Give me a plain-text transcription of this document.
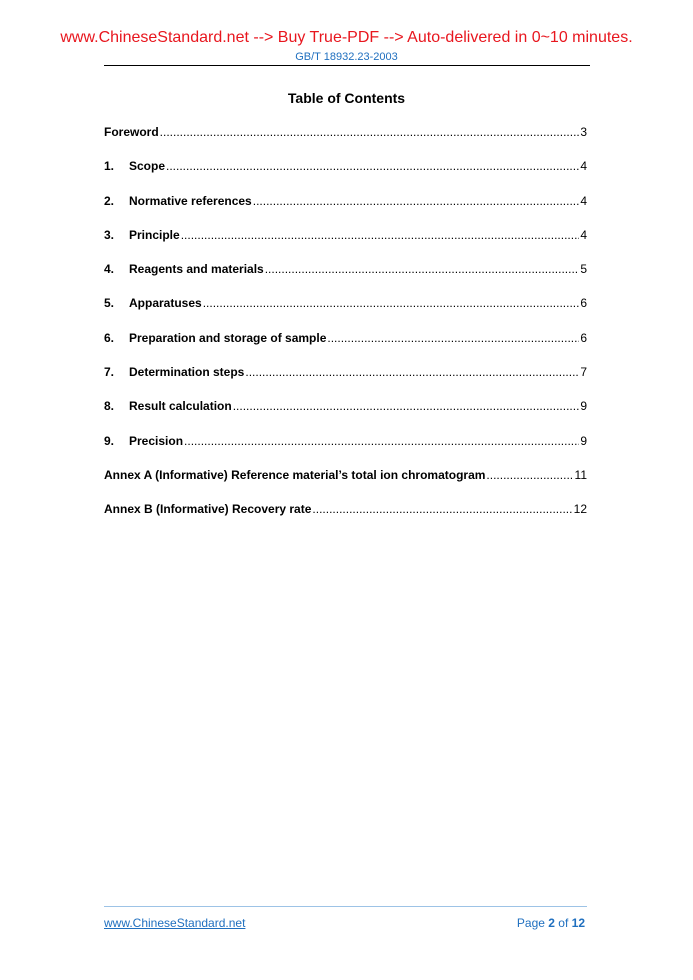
www.ChineseStandard.net --> Buy True-PDF --> Auto-delivered in 0~10 minutes.
GB/T 18932.23-2003
Table of Contents
Foreword .....	3
1.	Scope .....	4
2.	Normative references .....	4
3.	Principle .....	4
4.	Reagents and materials .....	5
5.	Apparatuses .....	6
6.	Preparation and storage of sample .....	6
7.	Determination steps .....	7
8.	Result calculation .....	9
9.	Precision .....	9
Annex A (Informative) Reference material’s total ion chromatogram .....	11
Annex B (Informative) Recovery rate .....	12
www.ChineseStandard.net	Page 2 of 12
